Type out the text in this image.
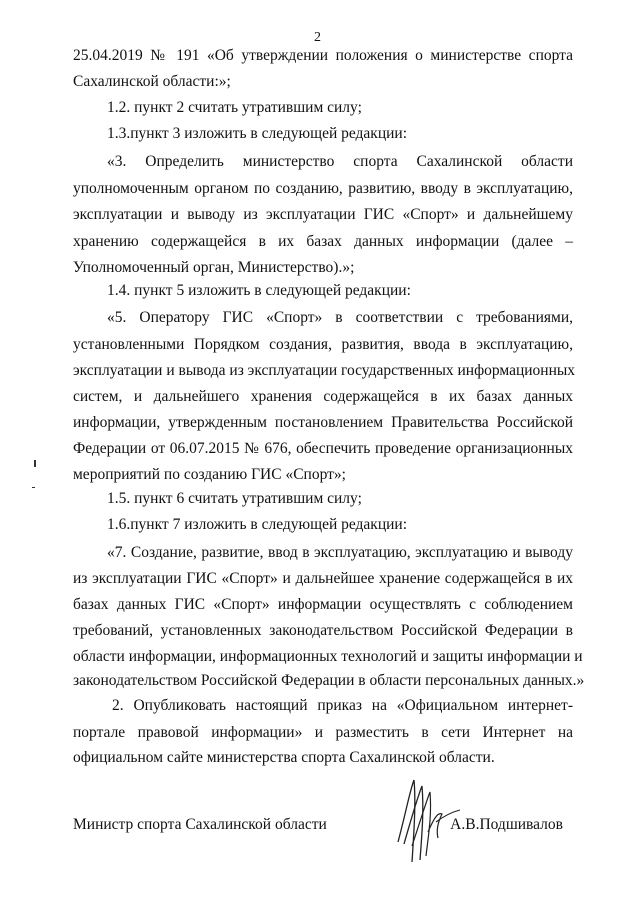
2
25.04.2019 № 191 «Об утверждении положения о министерстве спорта
Сахалинской области:»;
1.2. пункт 2 считать утратившим силу;
1.3.пункт 3 изложить в следующей редакции:
«3. Определить министерство спорта Сахалинской области
уполномоченным органом по созданию, развитию, вводу в эксплуатацию,
эксплуатации и выводу из эксплуатации ГИС «Спорт» и дальнейшему
хранению содержащейся в их базах данных информации (далее –
Уполномоченный орган, Министерство).»;
1.4. пункт 5 изложить в следующей редакции:
«5. Оператору ГИС «Спорт» в соответствии с требованиями,
установленными Порядком создания, развития, ввода в эксплуатацию,
эксплуатации и вывода из эксплуатации государственных информационных
систем, и дальнейшего хранения содержащейся в их базах данных
информации, утвержденным постановлением Правительства Российской
Федерации от 06.07.2015 № 676, обеспечить проведение организационных
мероприятий по созданию ГИС «Спорт»;
1.5. пункт 6 считать утратившим силу;
1.6.пункт 7 изложить в следующей редакции:
«7. Создание, развитие, ввод в эксплуатацию, эксплуатацию и выводу
из эксплуатации ГИС «Спорт» и дальнейшее хранение содержащейся в их
базах данных ГИС «Спорт» информации осуществлять с соблюдением
требований, установленных законодательством Российской Федерации в
области информации, информационных технологий и защиты информации и
законодательством Российской Федерации в области персональных данных.»
2. Опубликовать настоящий приказ на «Официальном интернет-
портале правовой информации» и разместить в сети Интернет на
официальном сайте министерства спорта Сахалинской области.
Министр спорта Сахалинской области	А.В.Подшивалов
